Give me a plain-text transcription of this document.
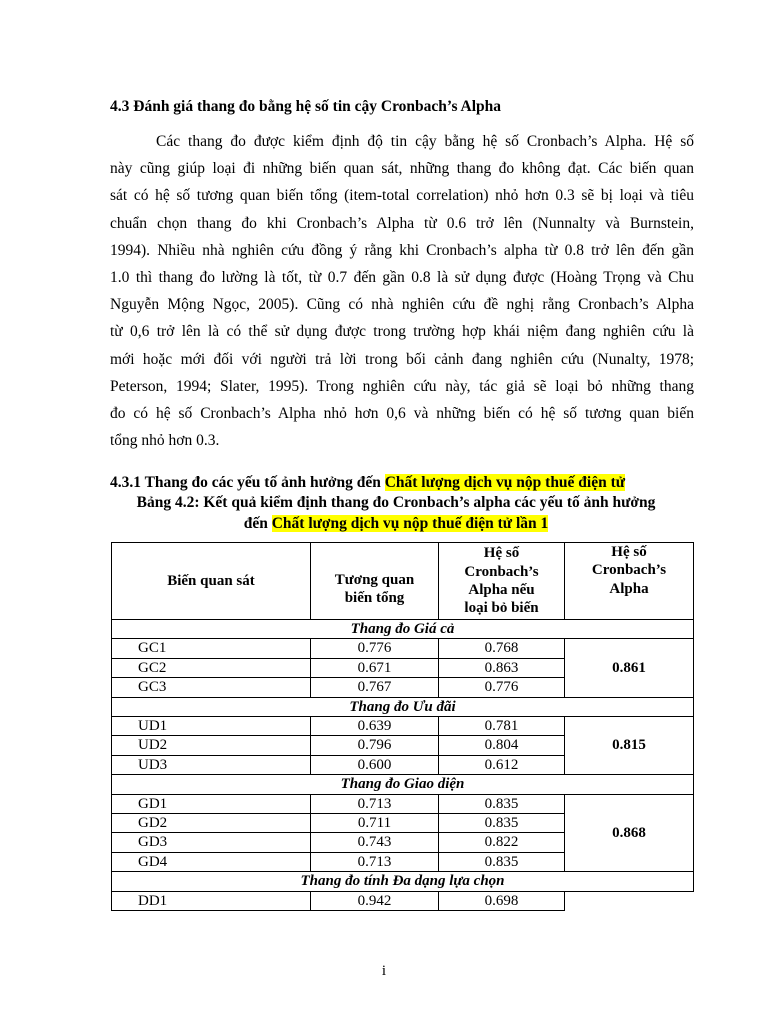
4.3 Đánh giá thang đo bằng hệ số tin cậy Cronbach’s Alpha
Các thang đo được kiểm định độ tin cậy bằng hệ số Cronbach’s Alpha. Hệ số
này cũng giúp loại đi những biến quan sát, những thang đo không đạt. Các biến quan
sát có hệ số tương quan biến tổng (item-total correlation) nhỏ hơn 0.3 sẽ bị loại và tiêu
chuẩn chọn thang đo khi Cronbach’s Alpha từ 0.6 trở lên (Nunnalty và Burnstein,
1994). Nhiều nhà nghiên cứu đồng ý rằng khi Cronbach’s alpha từ 0.8 trở lên đến gần
1.0 thì thang đo lường là tốt, từ 0.7 đến gần 0.8 là sử dụng được (Hoàng Trọng và Chu
Nguyễn Mộng Ngọc, 2005). Cũng có nhà nghiên cứu đề nghị rằng Cronbach’s Alpha
từ 0,6 trở lên là có thể sử dụng được trong trường hợp khái niệm đang nghiên cứu là
mới hoặc mới đối với người trả lời trong bối cảnh đang nghiên cứu (Nunalty, 1978;
Peterson, 1994; Slater, 1995). Trong nghiên cứu này, tác giả sẽ loại bỏ những thang
đo có hệ số Cronbach’s Alpha nhỏ hơn 0,6 và những biến có hệ số tương quan biến
tổng nhỏ hơn 0.3.
4.3.1 Thang đo các yếu tố ảnh hưởng đến Chất lượng dịch vụ nộp thuế điện tử
Bảng 4.2: Kết quả kiểm định thang đo Cronbach’s alpha các yếu tố ảnh hưởng
đến Chất lượng dịch vụ nộp thuế điện tử lần 1
Biến quan sát	Tương quan biến tổng	Hệ số Cronbach’s Alpha nếu loại bỏ biến	Hệ số Cronbach’s Alpha

Thang đo Giá cả			
GC1	0.776	0.768	0.861
GC2	0.671	0.863	
GC3	0.767	0.776	
Thang đo Ưu đãi			
UD1	0.639	0.781	0.815
UD2	0.796	0.804	
UD3	0.600	0.612	
Thang đo Giao diện			
GD1	0.713	0.835	0.868
GD2	0.711	0.835	
GD3	0.743	0.822	
GD4	0.713	0.835	
Thang đo tính Đa dạng lựa chọn			
DD1	0.942	0.698	
i
